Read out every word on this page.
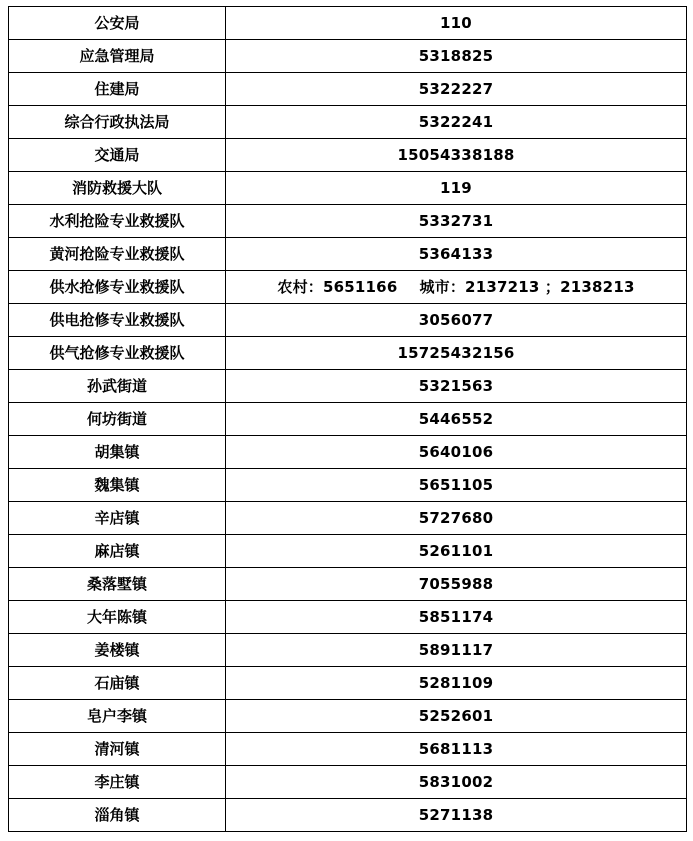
公安局	110
应急管理局	5318825
住建局	5322227
综合行政执法局	5322241
交通局	15054338188
消防救援大队	119
水利抢险专业救援队	5332731
黄河抢险专业救援队	5364133
供水抢修专业救援队	农村：5651166 城市：2137213 ；2138213
供电抢修专业救援队	3056077
供气抢修专业救援队	15725432156
孙武街道	5321563
何坊街道	5446552
胡集镇	5640106
魏集镇	5651105
辛店镇	5727680
麻店镇	5261101
桑落墅镇	7055988
大年陈镇	5851174
姜楼镇	5891117
石庙镇	5281109
皂户李镇	5252601
清河镇	5681113
李庄镇	5831002
淄角镇	5271138
